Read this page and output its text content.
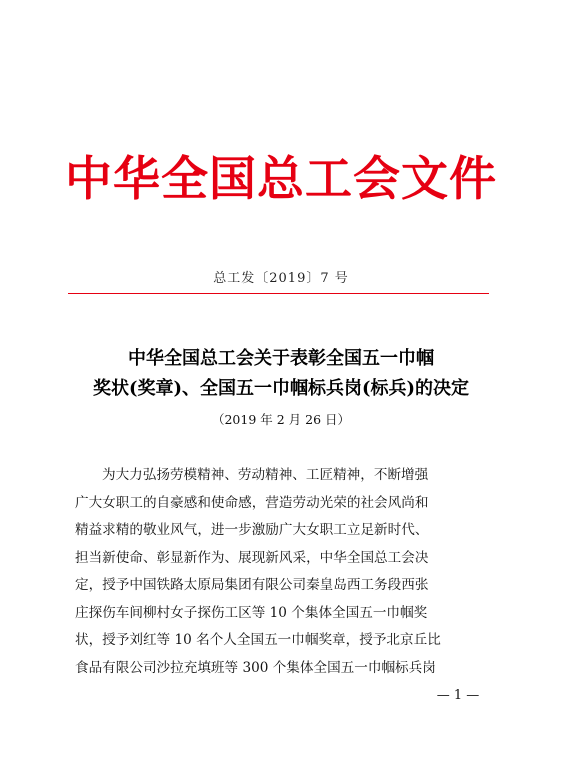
中华全国总工会文件
总工发〔2019〕7 号
中华全国总工会关于表彰全国五一巾帼
奖状(奖章)、全国五一巾帼标兵岗(标兵)的决定
（2019 年 2 月 26 日）
为大力弘扬劳模精神、劳动精神、工匠精神，不断增强
广大女职工的自豪感和使命感，营造劳动光荣的社会风尚和
精益求精的敬业风气，进一步激励广大女职工立足新时代、
担当新使命、彰显新作为、展现新风采，中华全国总工会决
定，授予中国铁路太原局集团有限公司秦皇岛西工务段西张
庄探伤车间柳村女子探伤工区等 10 个集体全国五一巾帼奖
状，授予刘红等 10 名个人全国五一巾帼奖章，授予北京丘比
食品有限公司沙拉充填班等 300 个集体全国五一巾帼标兵岗
— 1 —
